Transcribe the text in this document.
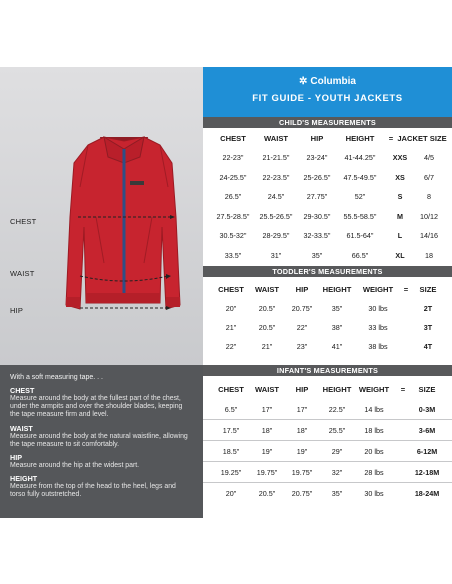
CHEST
WAIST
HIP
With a soft measuring tape. . .
CHEST
Measure around the body at the fullest part of the chest, under the armpits and over the shoulder blades, keeping the tape measure firm and level.
WAIST
Measure around the body at the natural waistline, allowing the tape measure to sit comfortably.
HIP
Measure around the hip at the widest part.
HEIGHT
Measure from the top of the head to the heel, legs and torso fully outstretched.
✲ Columbia
FIT GUIDE - YOUTH JACKETS
CHILD'S MEASUREMENTS
CHEST WAIST	HIP	HEIGHT = JACKET SIZE
22-23"	21-21.5" 23-24" 41-44.25" XXS 4/5
24-25.5" 22-23.5" 25-26.5" 47.5-49.5"	XS	6/7
26.5"	24.5"	27.75"	52"	S	8
27.5-28.5" 25.5-26.5" 29-30.5" 55.5-58.5"	M 10/12
30.5-32" 28-29.5" 32-33.5" 61.5-64"	L 14/16
33.5"	31"	35"	66.5"	XL	18
TODDLER'S MEASUREMENTS
CHEST WAIST HIP HEIGHT WEIGHT = SIZE
20"	20.5" 20.75"	35"	30 lbs	2T
21"	20.5"	22"	38"	33 lbs	3T
22"	21"	23"	41"	38 lbs	4T
INFANT'S MEASUREMENTS
CHEST WAIST HIP HEIGHT WEIGHT = SIZE
6.5"	17"	17"	22.5"	14 lbs	0-3M
17.5"	18"	18"	25.5"	18 lbs	3-6M
18.5"	19"	19"	29"	20 lbs	6-12M
19.25" 19.75" 19.75"	32"	28 lbs	12-18M
20"	20.5" 20.75"	35"	30 lbs	18-24M
